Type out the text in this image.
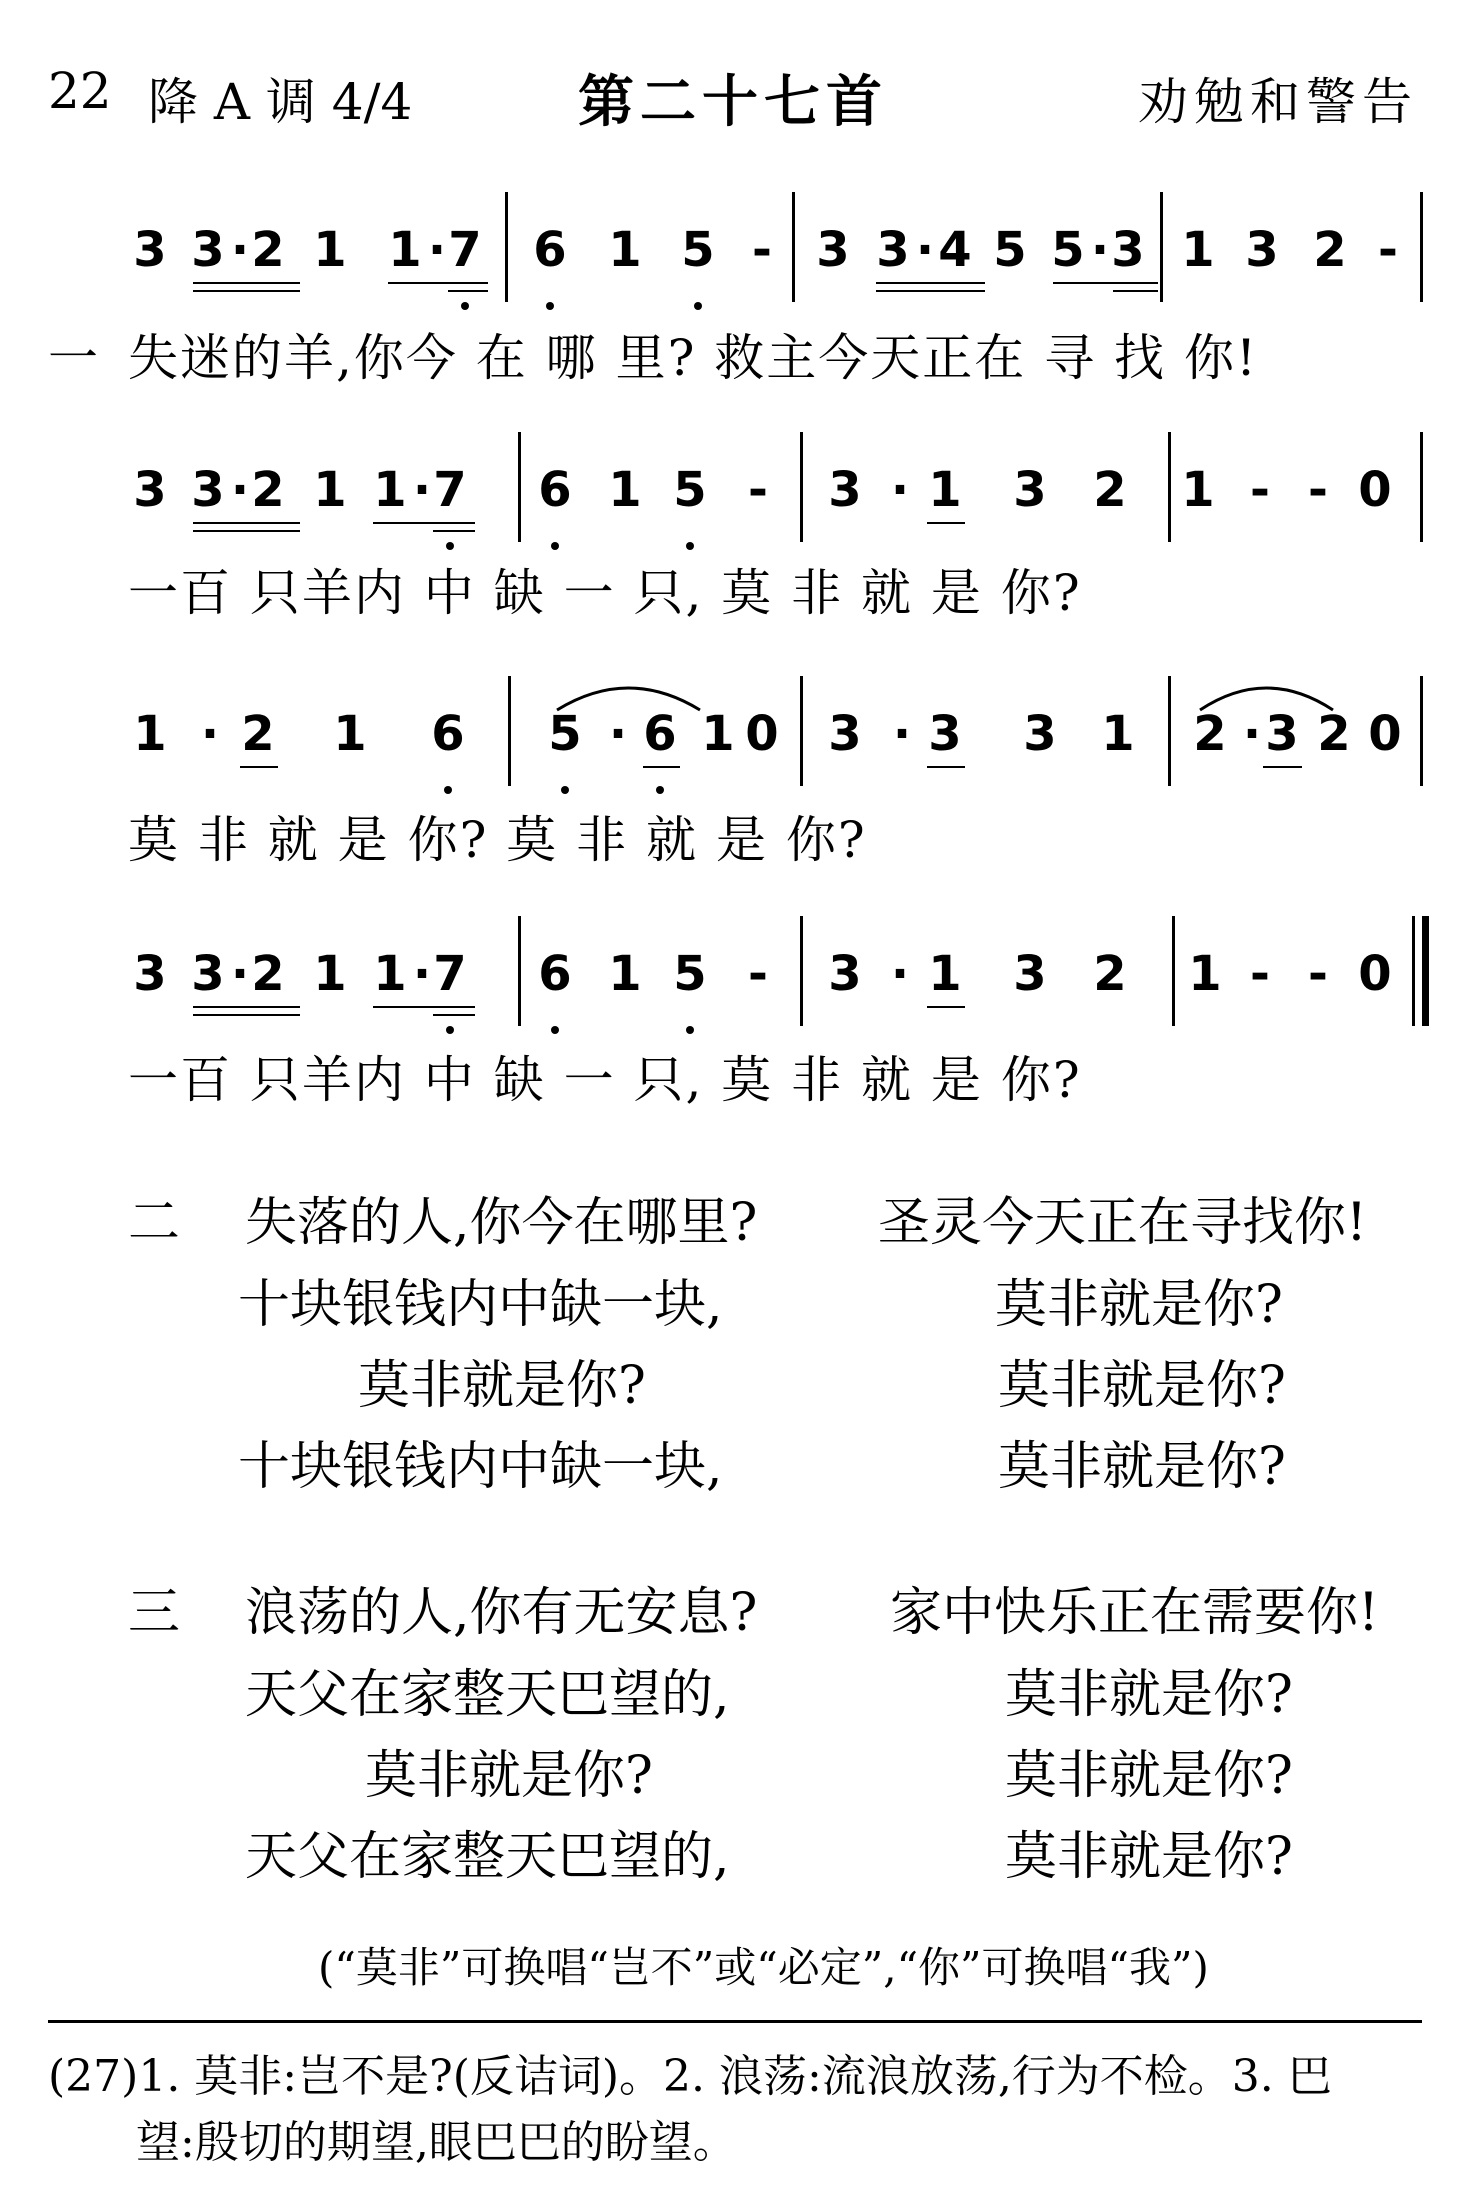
22 降 A 调 4/4	第二十七首	劝勉和警告
3 3 · 2 1 1 · 7 6 1 5 - 3 3 · 4 5 5 · 3 1 3 2 -
3 3 · 2 1 1 · 7 6 1 5 - 3 · 1 3 2 1 - - 0
1 · 2 1 6 5 · 6 1 0 3 · 3 3 1 2 · 3 2 0
3 3 · 2 1 1 · 7 6 1 5 - 3 · 1 3 2 1 - - 0
一 失迷的羊,你今 在 哪 里? 救主今天正在 寻 找 你!
一百 只羊内 中 缺 一 只, 莫 非 就 是 你?
莫 非 就 是 你? 莫 非 就 是 你?
一百 只羊内 中 缺 一 只, 莫 非 就 是 你?
二 失落的人,你今在哪里? 圣灵今天正在寻找你!
十块银钱内中缺一块,	莫非就是你?
莫非就是你?	莫非就是你?
十块银钱内中缺一块,	莫非就是你?
三 浪荡的人,你有无安息?	家中快乐正在需要你!
天父在家整天巴望的,	莫非就是你?
莫非就是你?	莫非就是你?
天父在家整天巴望的,	莫非就是你?
(“莫非”可换唱“岂不”或“必定”,“你”可换唱“我”)
(27)1. 莫非:岂不是?(反诘词)。2. 浪荡:流浪放荡,行为不检。3. 巴
望:殷切的期望,眼巴巴的盼望。
